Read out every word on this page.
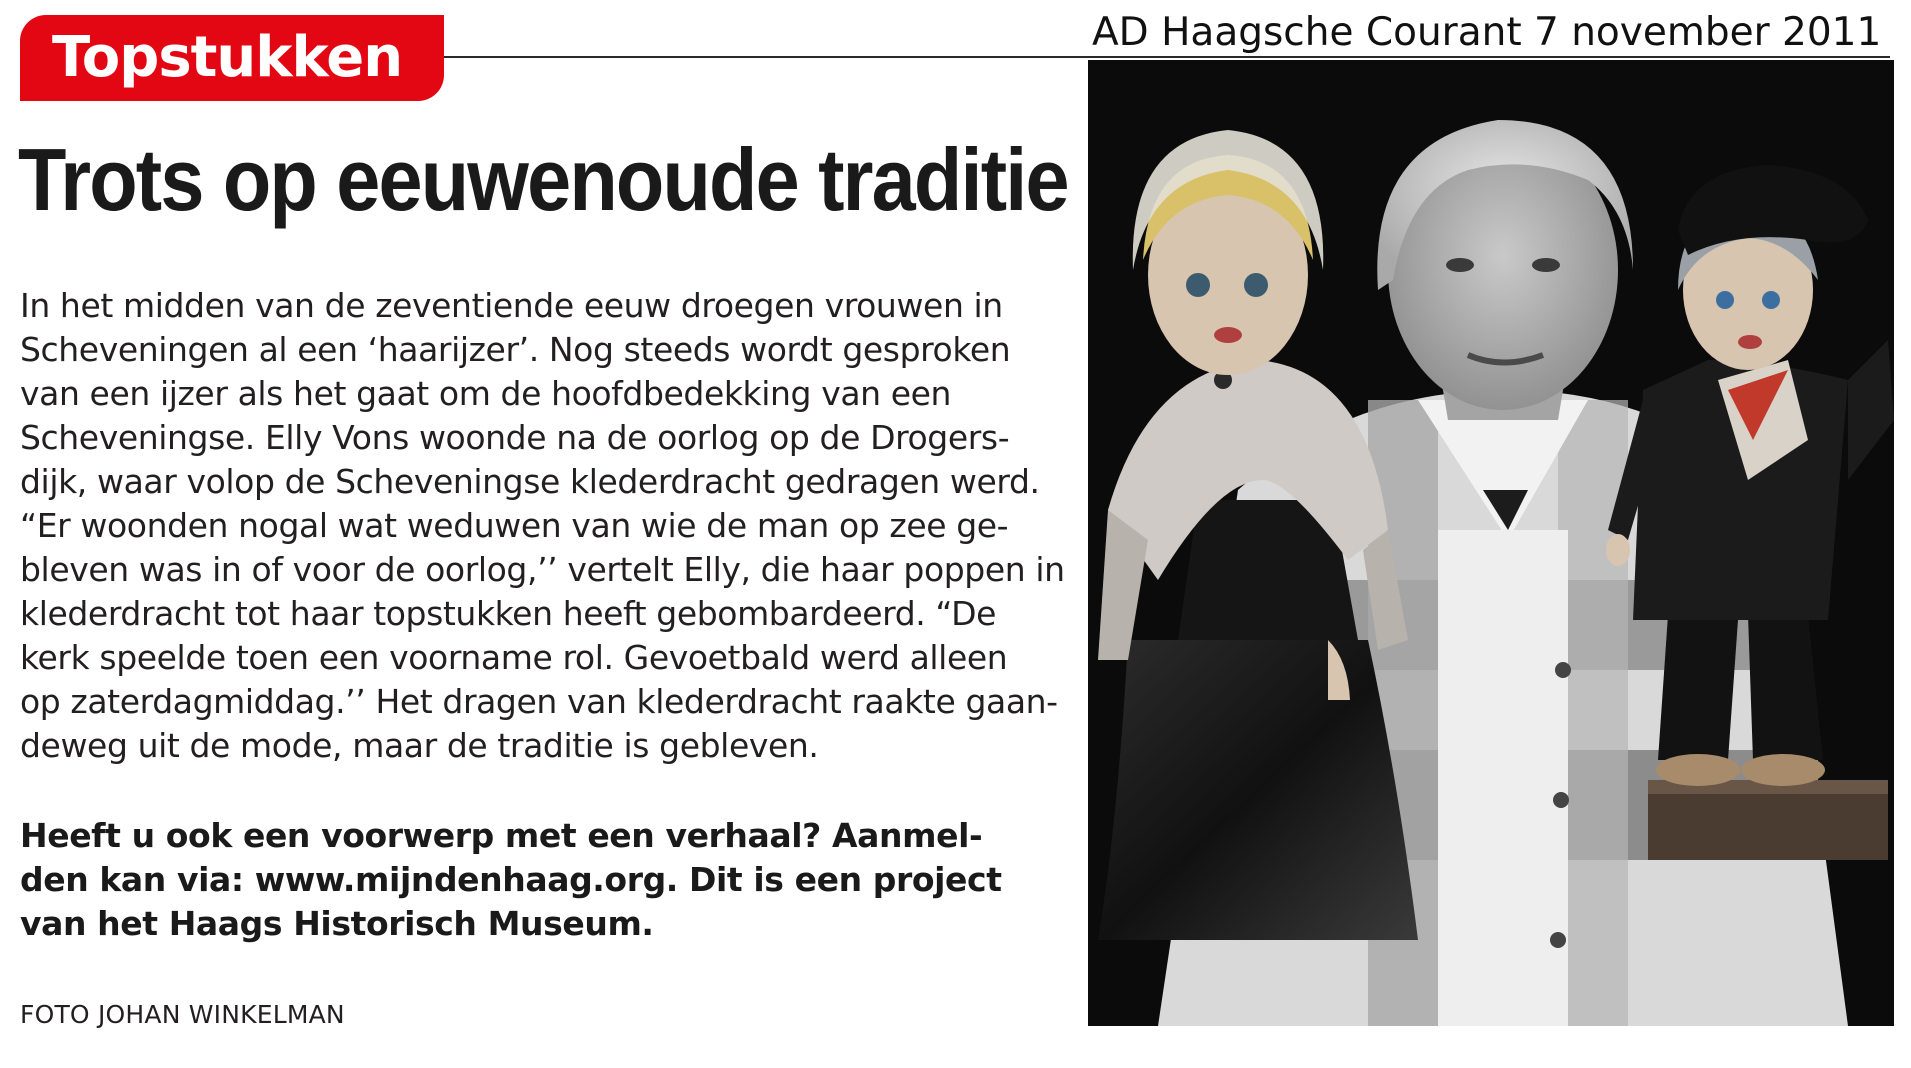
Topstukken	AD Haagsche Courant 7 november 2011
Trots op eeuwenoude traditie
In het midden van de zeventiende eeuw droegen vrouwen in
Scheveningen al een ‘haarijzer’. Nog steeds wordt gesproken
van een ijzer als het gaat om de hoofdbedekking van een
Scheveningse. Elly Vons woonde na de oorlog op de Drogers-
dijk, waar volop de Scheveningse klederdracht gedragen werd.
“Er woonden nogal wat weduwen van wie de man op zee ge-
bleven was in of voor de oorlog,’’ vertelt Elly, die haar poppen in
klederdracht tot haar topstukken heeft gebombardeerd. “De
kerk speelde toen een voorname rol. Gevoetbald werd alleen
op zaterdagmiddag.’’ Het dragen van klederdracht raakte gaan-
deweg uit de mode, maar de traditie is gebleven.
Heeft u ook een voorwerp met een verhaal? Aanmel-
den kan via: www.mijndenhaag.org. Dit is een project
van het Haags Historisch Museum.
FOTO JOHAN WINKELMAN
